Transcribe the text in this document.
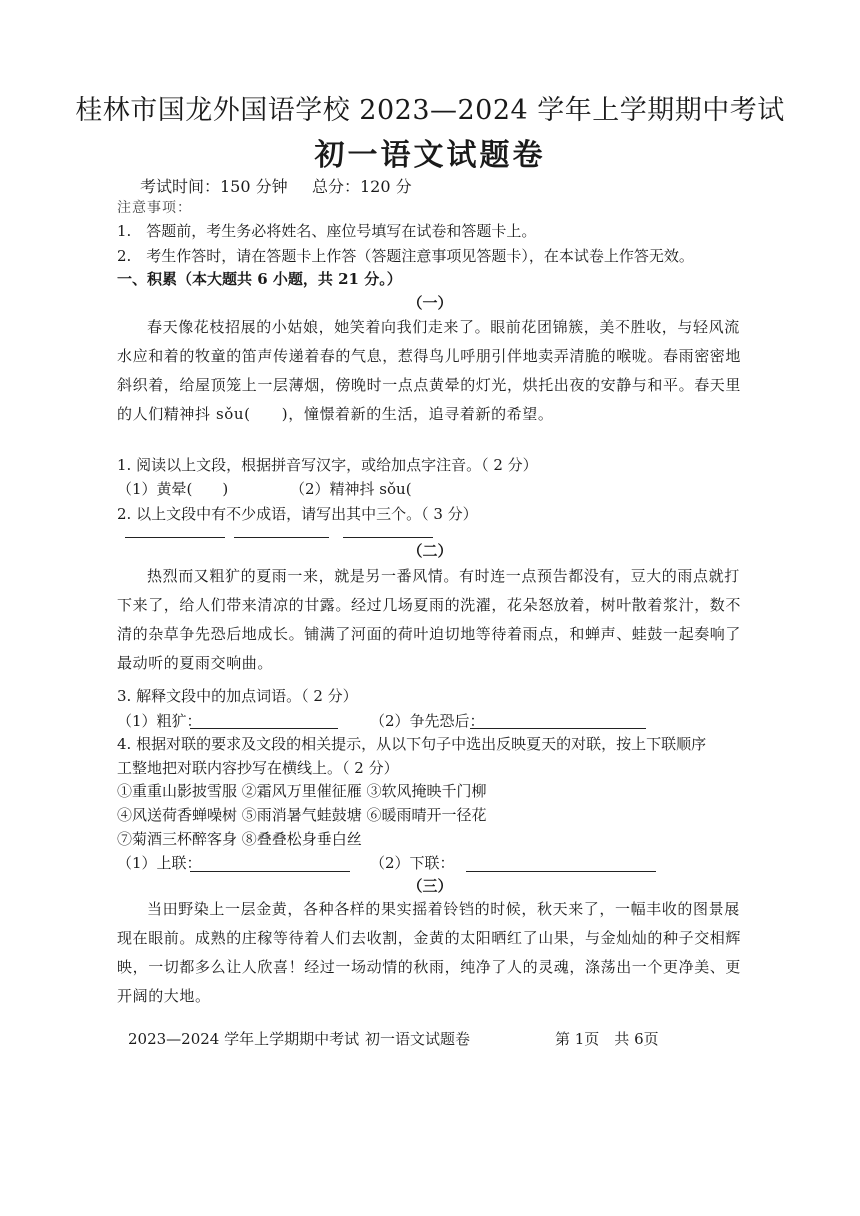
桂林市国龙外国语学校 2023—2024 学年上学期期中考试
初一语文试题卷
考试时间：150 分钟 总分：120 分
注意事项：
1.　答题前，考生务必将姓名、座位号填写在试卷和答题卡上。
2.　考生作答时，请在答题卡上作答（答题注意事项见答题卡），在本试卷上作答无效。
一、积累（本大题共 6 小题，共 21 分。）
（一）
春天像花枝招展的小姑娘，她笑着向我们走来了。眼前花团锦簇，美不胜收，与轻风流
水应和着的牧童的笛声传递着春的气息，惹得鸟儿呼朋引伴地卖弄清脆的喉咙。春雨密密地
斜织着，给屋顶笼上一层薄烟，傍晚时一点点黄晕的灯光，烘托出夜的安静与和平。春天里
的人们精神抖 sǒu(　　)，憧憬着新的生活，追寻着新的希望。
1. 阅读以上文段，根据拼音写汉字，或给加点字注音。（ 2 分）
（1）黄晕(　　)	（2）精神抖 sǒu(
2. 以上文段中有不少成语，请写出其中三个。（ 3 分）
（二）
热烈而又粗犷的夏雨一来，就是另一番风情。有时连一点预告都没有，豆大的雨点就打
下来了，给人们带来清凉的甘露。经过几场夏雨的洗濯，花朵怒放着，树叶散着浆汁，数不
清的杂草争先恐后地成长。铺满了河面的荷叶迫切地等待着雨点，和蝉声、蛙鼓一起奏响了
最动听的夏雨交响曲。
3. 解释文段中的加点词语。（ 2 分）
（1）粗犷：	（2）争先恐后：
4. 根据对联的要求及文段的相关提示，从以下句子中选出反映夏天的对联，按上下联顺序
工整地把对联内容抄写在横线上。（ 2 分）
①重重山影披雪服 ②霜风万里催征雁 ③软风掩映千门柳
④风送荷香蝉噪树 ⑤雨消暑气蛙鼓塘 ⑥暖雨晴开一径花
⑦菊酒三杯醉客身 ⑧叠叠松身垂白丝
（1）上联：	（2）下联：
（三）
当田野染上一层金黄，各种各样的果实摇着铃铛的时候，秋天来了，一幅丰收的图景展
现在眼前。成熟的庄稼等待着人们去收割，金黄的太阳晒红了山果，与金灿灿的种子交相辉
映，一切都多么让人欣喜！经过一场动情的秋雨，纯净了人的灵魂，涤荡出一个更净美、更
开阔的大地。
2023—2024 学年上学期期中考试 初一语文试题卷	第 1页　共 6页
